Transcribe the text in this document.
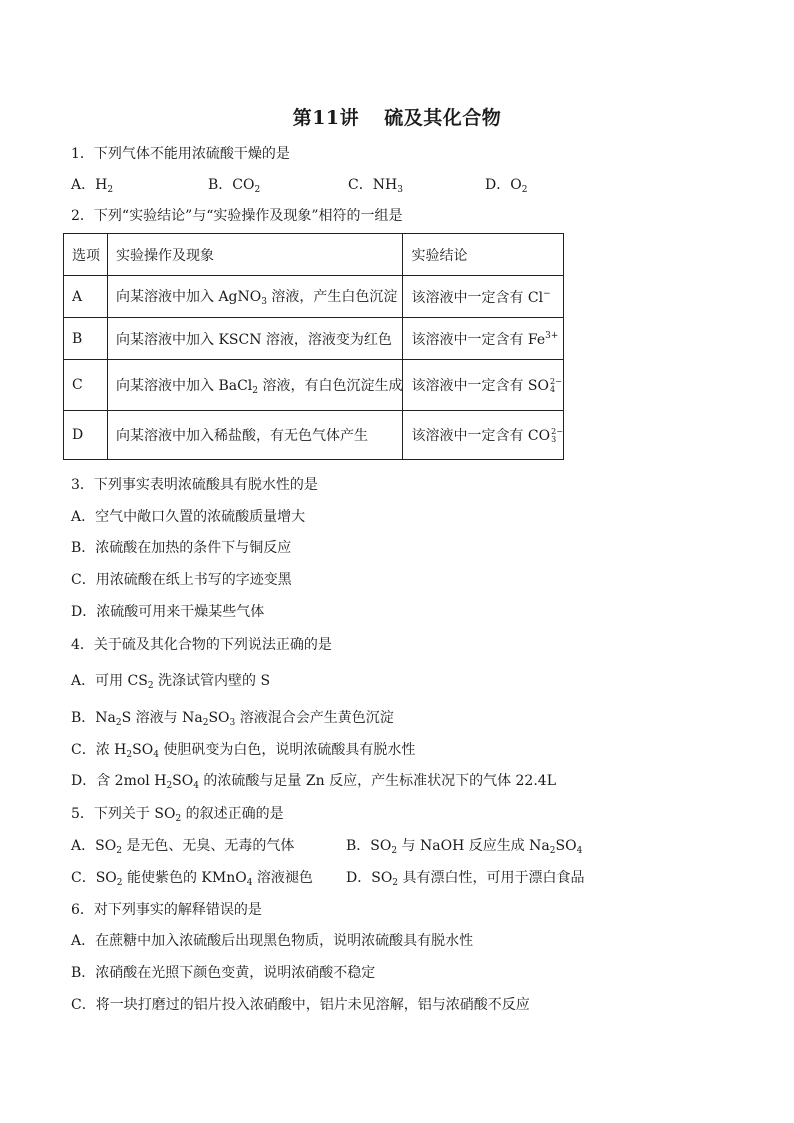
第11讲 硫及其化合物
1．下列气体不能用浓硫酸干燥的是
A．$H_2$	B．$CO_2$	C．$NH_3$	D．$O_2$
2．下列“实验结论”与“实验操作及现象”相符的一组是
选项	实验操作及现象	实验结论
A	向某溶液中加入 AgNO$_3$ 溶液，产生白色沉淀	该溶液中一定含有 Cl−
B	向某溶液中加入 KSCN 溶液，溶液变为红色	该溶液中一定含有 $Fe^{3+}$
C	向某溶液中加入 BaCl$_2$ 溶液，有白色沉淀生成	该溶液中一定含有 SO 2−
4

D	向某溶液中加入稀盐酸，有无色气体产生	该溶液中一定含有 CO 2−
3
3．下列事实表明浓硫酸具有脱水性的是
A．空气中敞口久置的浓硫酸质量增大
B．浓硫酸在加热的条件下与铜反应
C．用浓硫酸在纸上书写的字迹变黑
D．浓硫酸可用来干燥某些气体
4．关于硫及其化合物的下列说法正确的是
A．可用 $CS_2$ 洗涤试管内壁的 S
B．$Na_2S$ 溶液与 $Na_2SO_3$ 溶液混合会产生黄色沉淀
C．浓 $H_2SO_4$ 使胆矾变为白色，说明浓硫酸具有脱水性
D．含 2mol $H_2SO_4$ 的浓硫酸与足量 Zn 反应，产生标准状况下的气体 22.4L
5．下列关于 $SO_2$ 的叙述正确的是
A．$SO_2$ 是无色、无臭、无毒的气体	B．$SO_2$ 与 NaOH 反应生成 $Na_2SO_4$
C．$SO_2$ 能使紫色的 KMnO$_4$ 溶液褪色 D．$SO_2$ 具有漂白性，可用于漂白食品
6．对下列事实的解释错误的是
A．在蔗糖中加入浓硫酸后出现黑色物质，说明浓硫酸具有脱水性
B．浓硝酸在光照下颜色变黄，说明浓硝酸不稳定
C．将一块打磨过的铝片投入浓硝酸中，铝片未见溶解，铝与浓硝酸不反应
